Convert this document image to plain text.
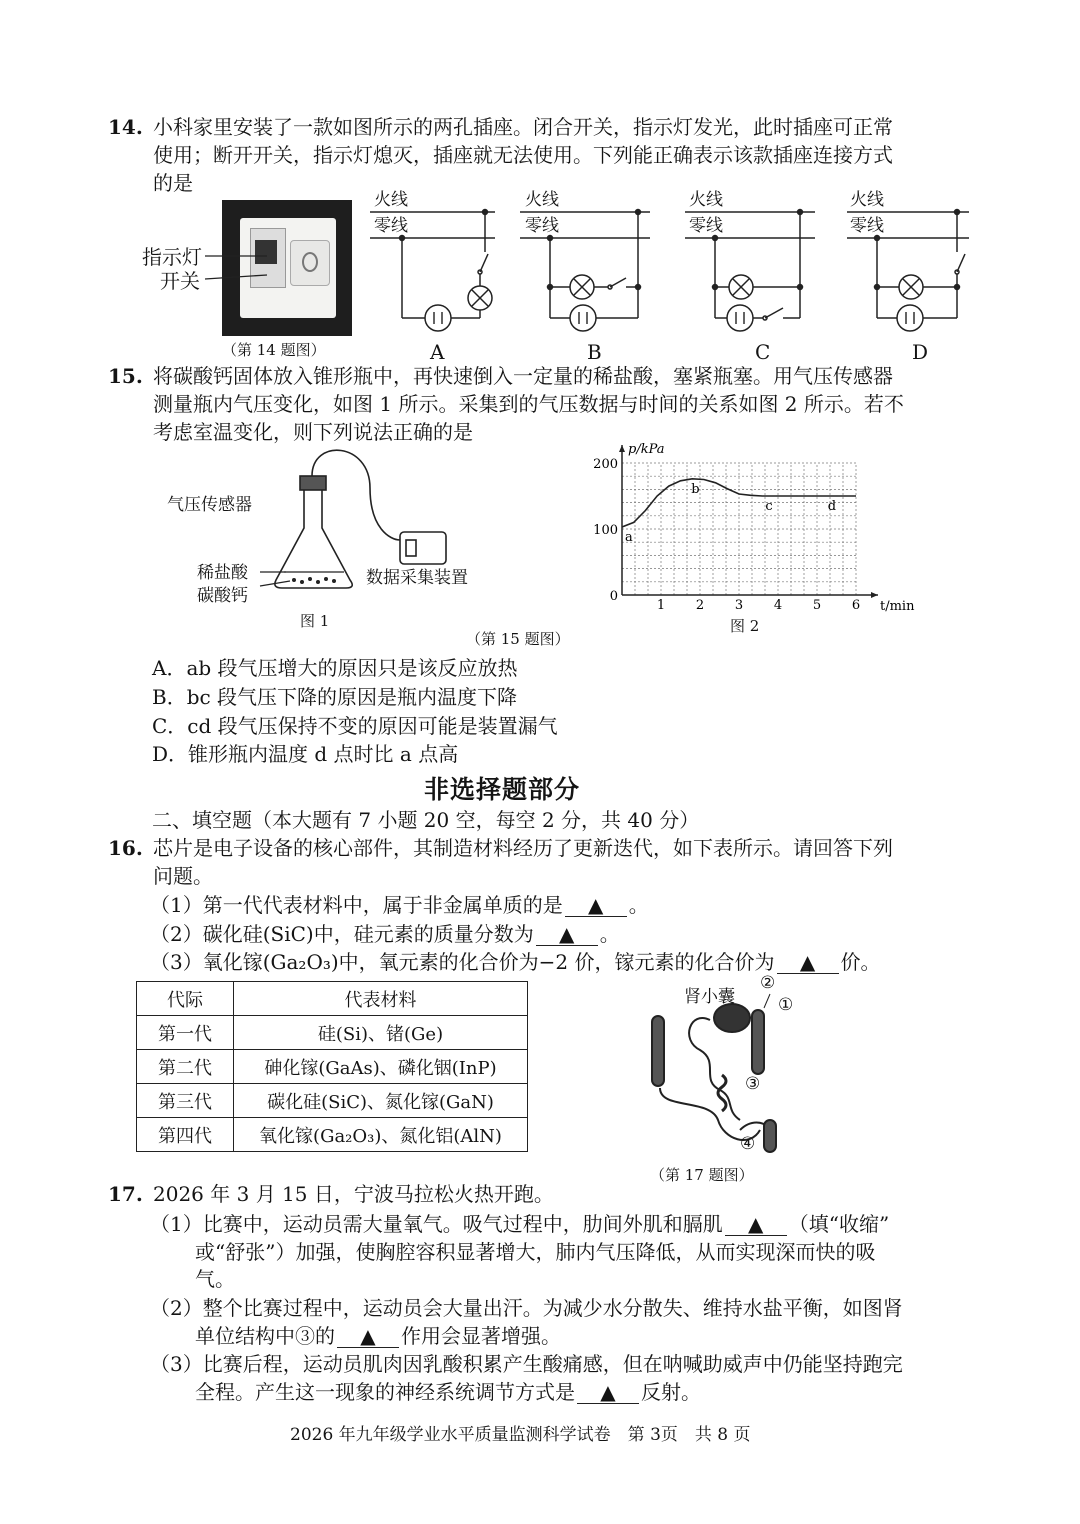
14. 小科家里安装了一款如图所示的两孔插座。闭合开关，指示灯发光，此时插座可正常
使用；断开开关，指示灯熄灭，插座就无法使用。下列能正确表示该款插座连接方式
的是
指示灯
开关
（第 14 题图）
火线
零线
火线
零线
火线
零线
火线
零线
A	B	C	D
15. 将碳酸钙固体放入锥形瓶中，再快速倒入一定量的稀盐酸，塞紧瓶塞。用气压传感器
测量瓶内气压变化，如图 1 所示。采集到的气压数据与时间的关系如图 2 所示。若不
考虑室温变化，则下列说法正确的是
气压传感器
稀盐酸
碳酸钙
数据采集装置
图 1
1 2 3 4 5 6
0
100
200
p/kPa
t/min
a
b
c	d
图 2
（第 15 题图）
A．ab 段气压增大的原因只是该反应放热
B．bc 段气压下降的原因是瓶内温度下降
C．cd 段气压保持不变的原因可能是装置漏气
D．锥形瓶内温度 d 点时比 a 点高
非选择题部分
二、填空题（本大题有 7 小题 20 空，每空 2 分，共 40 分）
16. 芯片是电子设备的核心部件，其制造材料经历了更新迭代，如下表所示。请回答下列
问题。
（1）第一代代表材料中，属于非金属单质的是 ▲ 。
（2）碳化硅(SiC)中，硅元素的质量分数为 ▲ 。
（3）氧化镓(Ga₂O₃)中，氧元素的化合价为−2 价，镓元素的化合价为 ▲ 价。
代际	代表材料
第一代	硅(Si)、锗(Ge)
第二代	砷化镓(GaAs)、磷化铟(InP)
第三代	碳化硅(SiC)、氮化镓(GaN)
第四代	氧化镓(Ga₂O₃)、氮化铝(AlN)
肾小囊	①
②
③
④
（第 17 题图）
17. 2026 年 3 月 15 日，宁波马拉松火热开跑。
（1）比赛中，运动员需大量氧气。吸气过程中，肋间外肌和膈肌 ▲ （填“收缩”
或“舒张”）加强，使胸腔容积显著增大，肺内气压降低，从而实现深而快的吸
气。
（2）整个比赛过程中，运动员会大量出汗。为减少水分散失、维持水盐平衡，如图肾
单位结构中③的 ▲ 作用会显著增强。
（3）比赛后程，运动员肌肉因乳酸积累产生酸痛感，但在呐喊助威声中仍能坚持跑完
全程。产生这一现象的神经系统调节方式是 ▲ 反射。
2026 年九年级学业水平质量监测科学试卷　第 3页　共 8 页
